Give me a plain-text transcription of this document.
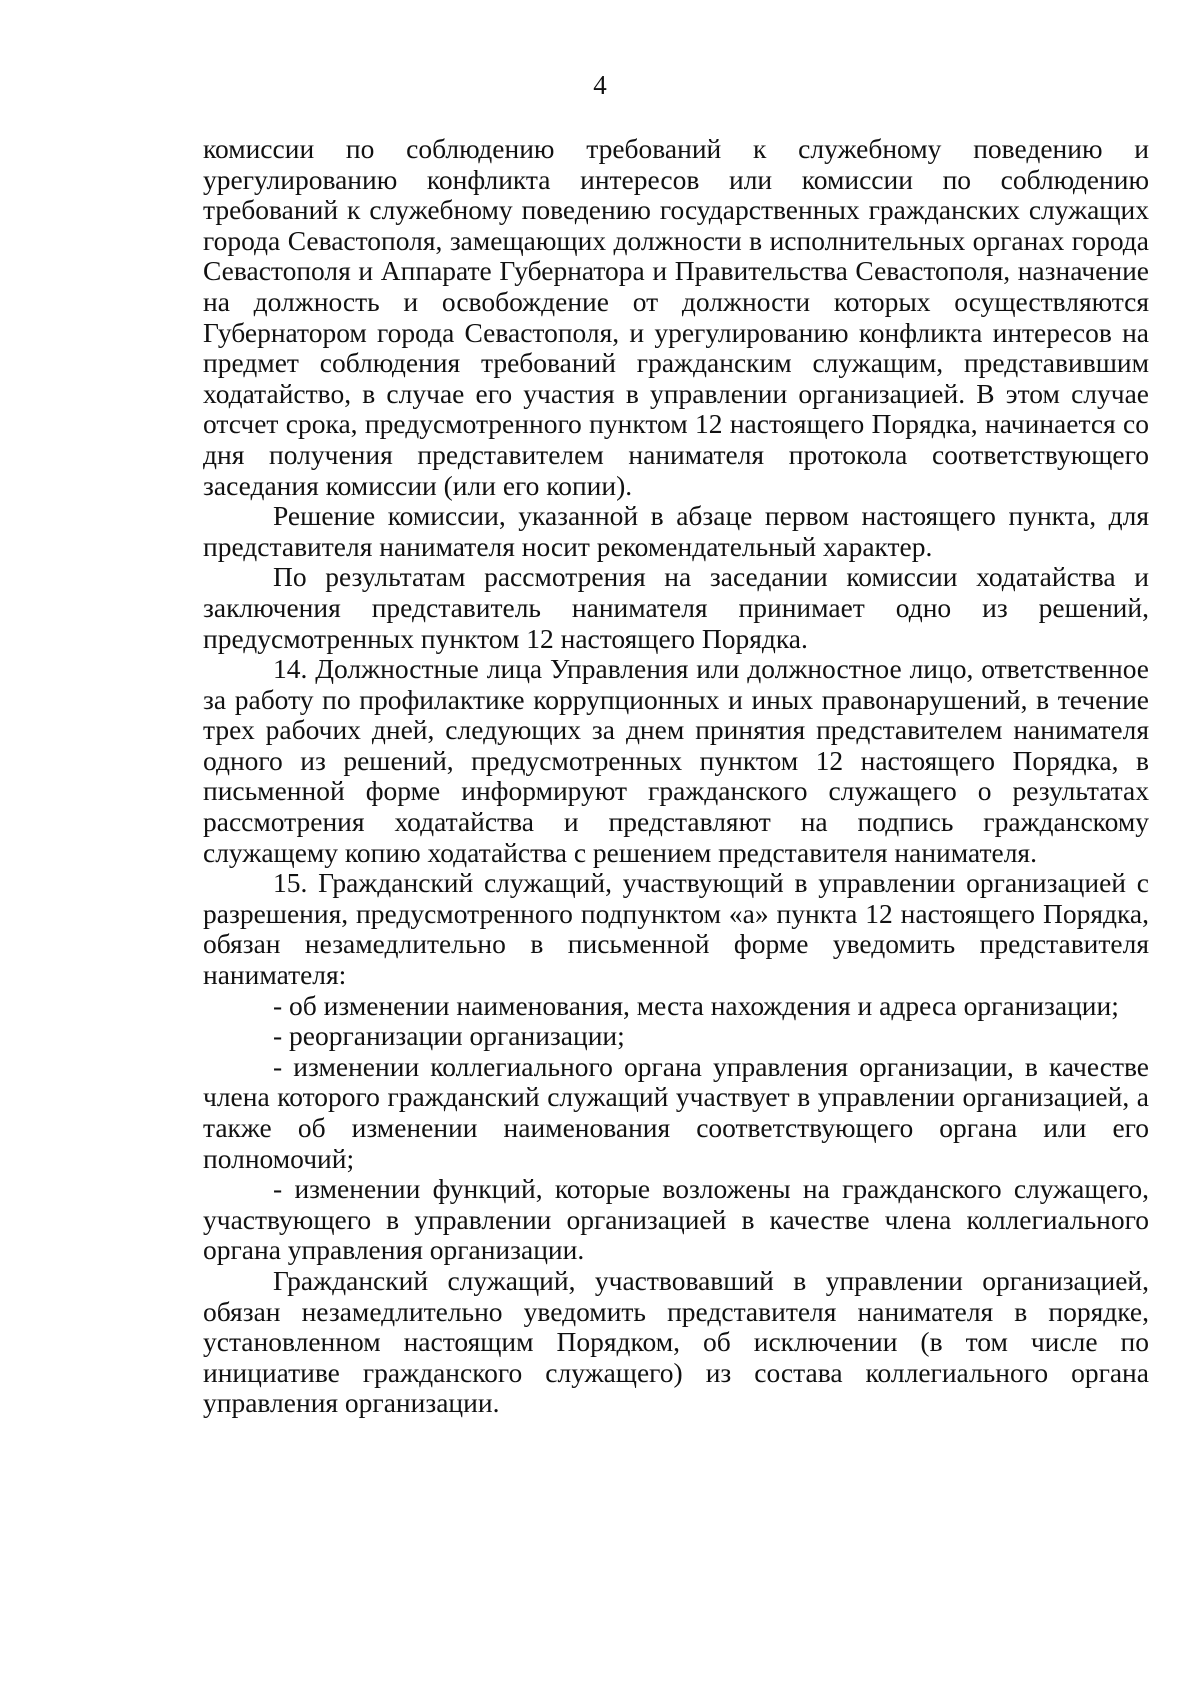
4

комиссии по соблюдению требований к служебному поведению и урегулированию конфликта интересов или комиссии по соблюдению требований к служебному поведению государственных гражданских служащих города Севастополя, замещающих должности в исполнительных органах города Севастополя и Аппарате Губернатора и Правительства Севастополя, назначение на должность и освобождение от должности которых осуществляются Губернатором города Севастополя, и урегулированию конфликта интересов на предмет соблюдения требований гражданским служащим, представившим ходатайство, в случае его участия в управлении организацией. В этом случае отсчет срока, предусмотренного пунктом 12 настоящего Порядка, начинается со дня получения представителем нанимателя протокола соответствующего заседания комиссии (или его копии).

Решение комиссии, указанной в абзаце первом настоящего пункта, для представителя нанимателя носит рекомендательный характер.

По результатам рассмотрения на заседании комиссии ходатайства и заключения представитель нанимателя принимает одно из решений, предусмотренных пунктом 12 настоящего Порядка.

14. Должностные лица Управления или должностное лицо, ответственное за работу по профилактике коррупционных и иных правонарушений, в течение трех рабочих дней, следующих за днем принятия представителем нанимателя одного из решений, предусмотренных пунктом 12 настоящего Порядка, в письменной форме информируют гражданского служащего о результатах рассмотрения ходатайства и представляют на подпись гражданскому служащему копию ходатайства с решением представителя нанимателя.

15. Гражданский служащий, участвующий в управлении организацией с разрешения, предусмотренного подпунктом «а» пункта 12 настоящего Порядка, обязан незамедлительно в письменной форме уведомить представителя нанимателя:

- об изменении наименования, места нахождения и адреса организации;

- реорганизации организации;

- изменении коллегиального органа управления организации, в качестве члена которого гражданский служащий участвует в управлении организацией, а также об изменении наименования соответствующего органа или его полномочий;

- изменении функций, которые возложены на гражданского служащего, участвующего в управлении организацией в качестве члена коллегиального органа управления организации.

Гражданский служащий, участвовавший в управлении организацией, обязан незамедлительно уведомить представителя нанимателя в порядке, установленном настоящим Порядком, об исключении (в том числе по инициативе гражданского служащего) из состава коллегиального органа управления организации.
